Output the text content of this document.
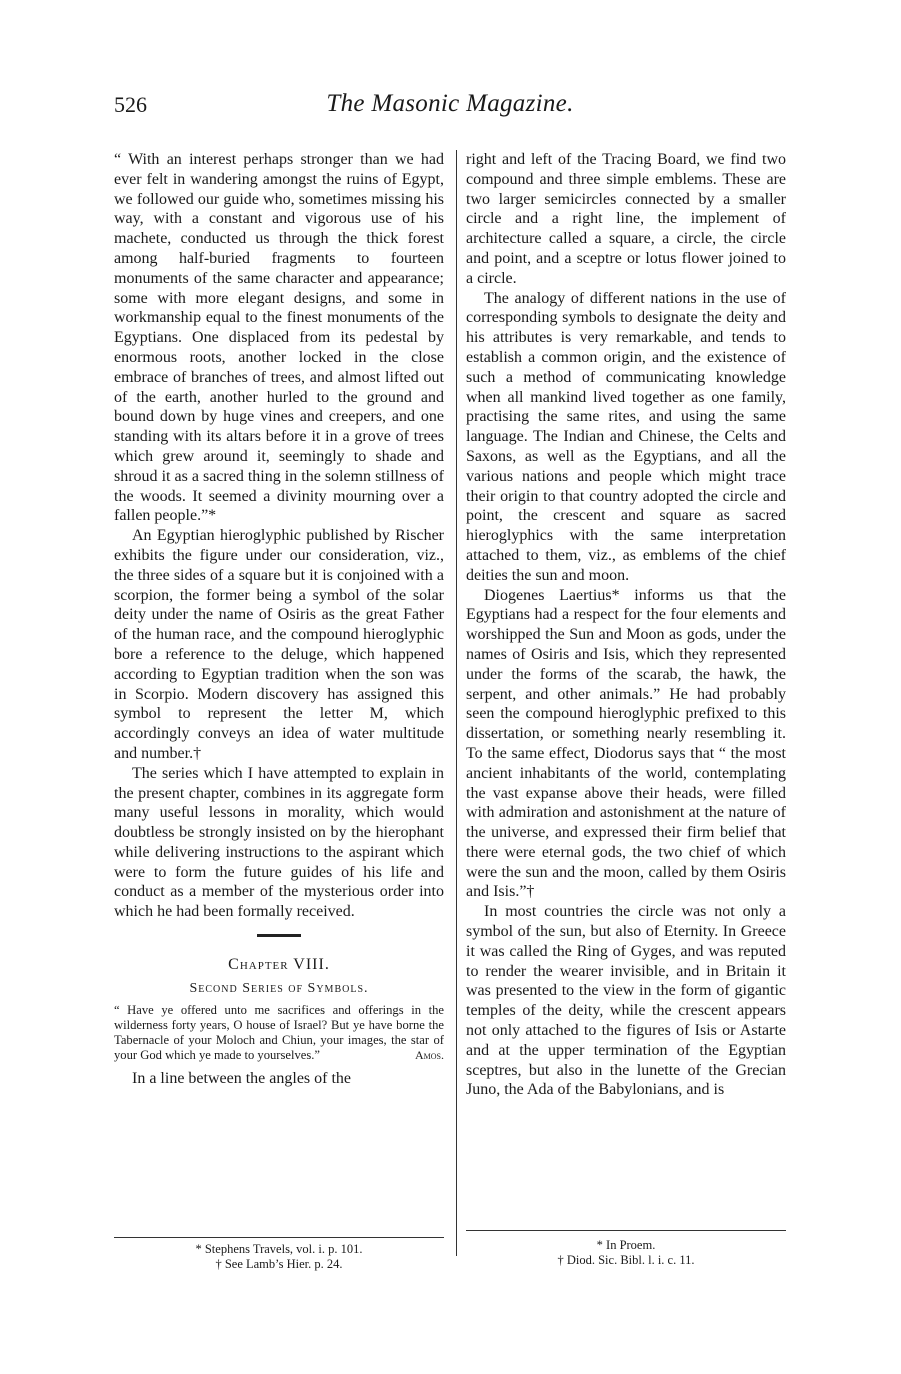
526	The Masonic Magazine.

“ With an interest perhaps stronger than we had ever felt in wandering amongst the ruins of Egypt, we followed our guide who, sometimes missing his way, with a constant and vigorous use of his machete, conducted us through the thick forest among half-buried fragments to fourteen monuments of the same character and appearance; some with more elegant designs, and some in workmanship equal to the finest monuments of the Egyptians. One displaced from its pedestal by enormous roots, another locked in the close embrace of branches of trees, and almost lifted out of the earth, another hurled to the ground and bound down by huge vines and creepers, and one standing with its altars before it in a grove of trees which grew around it, seemingly to shade and shroud it as a sacred thing in the solemn stillness of the woods. It seemed a divinity mourning over a fallen people.”*

An Egyptian hieroglyphic published by Rischer exhibits the figure under our consideration, viz., the three sides of a square but it is conjoined with a scorpion, the former being a symbol of the solar deity under the name of Osiris as the great Father of the human race, and the compound hieroglyphic bore a reference to the deluge, which happened according to Egyptian tradition when the son was in Scorpio. Modern discovery has assigned this symbol to represent the letter M, which accordingly conveys an idea of water multitude and number.†

The series which I have attempted to explain in the present chapter, combines in its aggregate form many useful lessons in morality, which would doubtless be strongly insisted on by the hierophant while delivering instructions to the aspirant which were to form the future guides of his life and conduct as a member of the mysterious order into which he had been formally received.

Chapter VIII.
Second Series of Symbols.

“ Have ye offered unto me sacrifices and offerings in the wilderness forty years, O house of Israel? But ye have borne the Tabernacle of your Moloch and Chiun, your images, the star of your God which ye made to yourselves.”	Amos.

In a line between the angles of the

right and left of the Tracing Board, we find two compound and three simple emblems. These are two larger semicircles connected by a smaller circle and a right line, the implement of architecture called a square, a circle, the circle and point, and a sceptre or lotus flower joined to a circle.

The analogy of different nations in the use of corresponding symbols to designate the deity and his attributes is very remarkable, and tends to establish a common origin, and the existence of such a method of communicating knowledge when all mankind lived together as one family, practising the same rites, and using the same language. The Indian and Chinese, the Celts and Saxons, as well as the Egyptians, and all the various nations and people which might trace their origin to that country adopted the circle and point, the crescent and square as sacred hieroglyphics with the same interpretation attached to them, viz., as emblems of the chief deities the sun and moon.

Diogenes Laertius* informs us that the Egyptians had a respect for the four elements and worshipped the Sun and Moon as gods, under the names of Osiris and Isis, which they represented under the forms of the scarab, the hawk, the serpent, and other animals.” He had probably seen the compound hieroglyphic prefixed to this dissertation, or something nearly resembling it. To the same effect, Diodorus says that “ the most ancient inhabitants of the world, contemplating the vast expanse above their heads, were filled with admiration and astonishment at the nature of the universe, and expressed their firm belief that there were eternal gods, the two chief of which were the sun and the moon, called by them Osiris and Isis.”†

In most countries the circle was not only a symbol of the sun, but also of Eternity. In Greece it was called the Ring of Gyges, and was reputed to render the wearer invisible, and in Britain it was presented to the view in the form of gigantic temples of the deity, while the crescent appears not only attached to the figures of Isis or Astarte and at the upper termination of the Egyptian sceptres, but also in the lunette of the Grecian Juno, the Ada of the Babylonians, and is

* Stephens Travels, vol. i. p. 101.

† See Lamb’s Hier. p. 24.

* In Proem.

† Diod. Sic. Bibl. l. i. c. 11.
